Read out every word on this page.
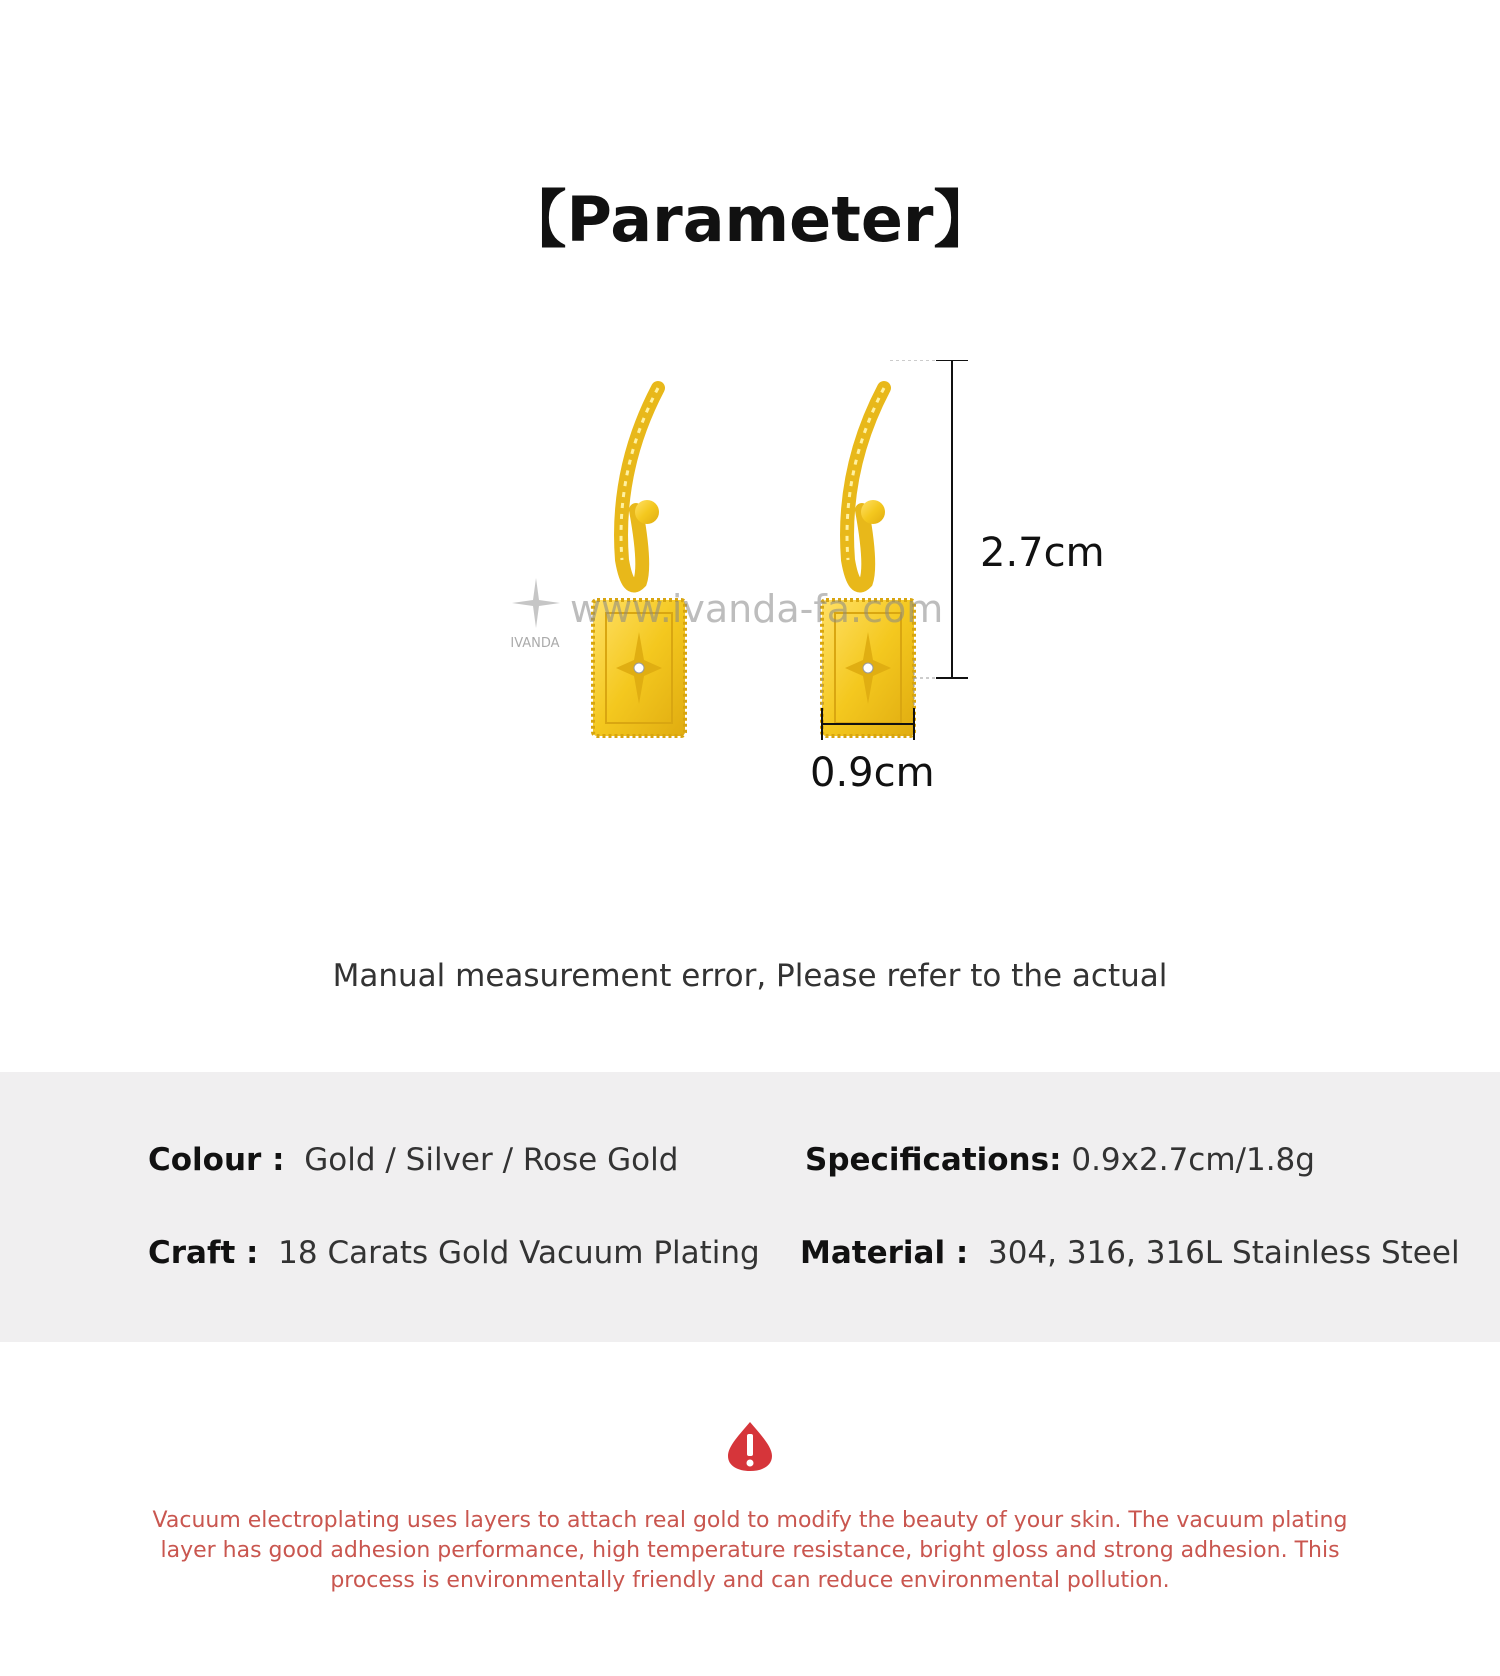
【Parameter】
IVANDA
www.ivanda-fa.com
2.7cm
0.9cm
Manual measurement error, Please refer to the actual
Colour : Gold / Silver / Rose Gold	Specifications: 0.9x2.7cm/1.8g
Craft : 18 Carats Gold Vacuum Plating Material : 304, 316, 316L Stainless Steel
Vacuum electroplating uses layers to attach real gold to modify the beauty of your skin. The vacuum plating layer has good adhesion performance, high temperature resistance, bright gloss and strong adhesion. This process is environmentally friendly and can reduce environmental pollution.
